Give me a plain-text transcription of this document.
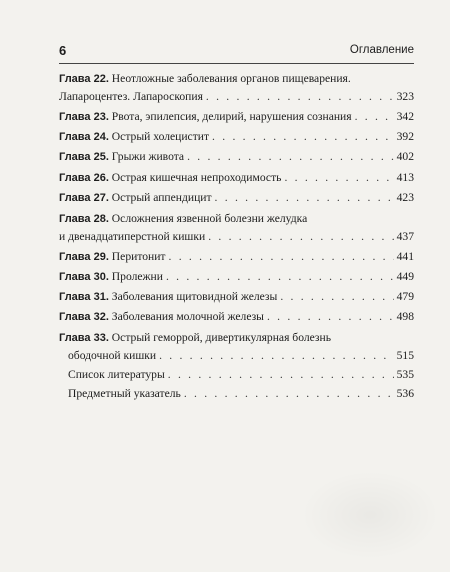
6	Оглавление
Глава 22. Неотложные заболевания органов пищеварения.
Лапароцентез. Лапароскопия . . .	323
Глава 23. Рвота, эпилепсия, делирий, нарушения сознания . . .	342
Глава 24. Острый холецистит . . .	392
Глава 25. Грыжи живота . . .	402
Глава 26. Острая кишечная непроходимость . . .	413
Глава 27. Острый аппендицит . . .	423
Глава 28. Осложнения язвенной болезни желудка
и двенадцатиперстной кишки . . .	437
Глава 29. Перитонит . . .	441
Глава 30. Пролежни . . .	449
Глава 31. Заболевания щитовидной железы . . .	479
Глава 32. Заболевания молочной железы . . .	498
Глава 33. Острый геморрой, дивертикулярная болезнь
ободочной кишки . . .	515
Список литературы . . .	535
Предметный указатель . . .	536
